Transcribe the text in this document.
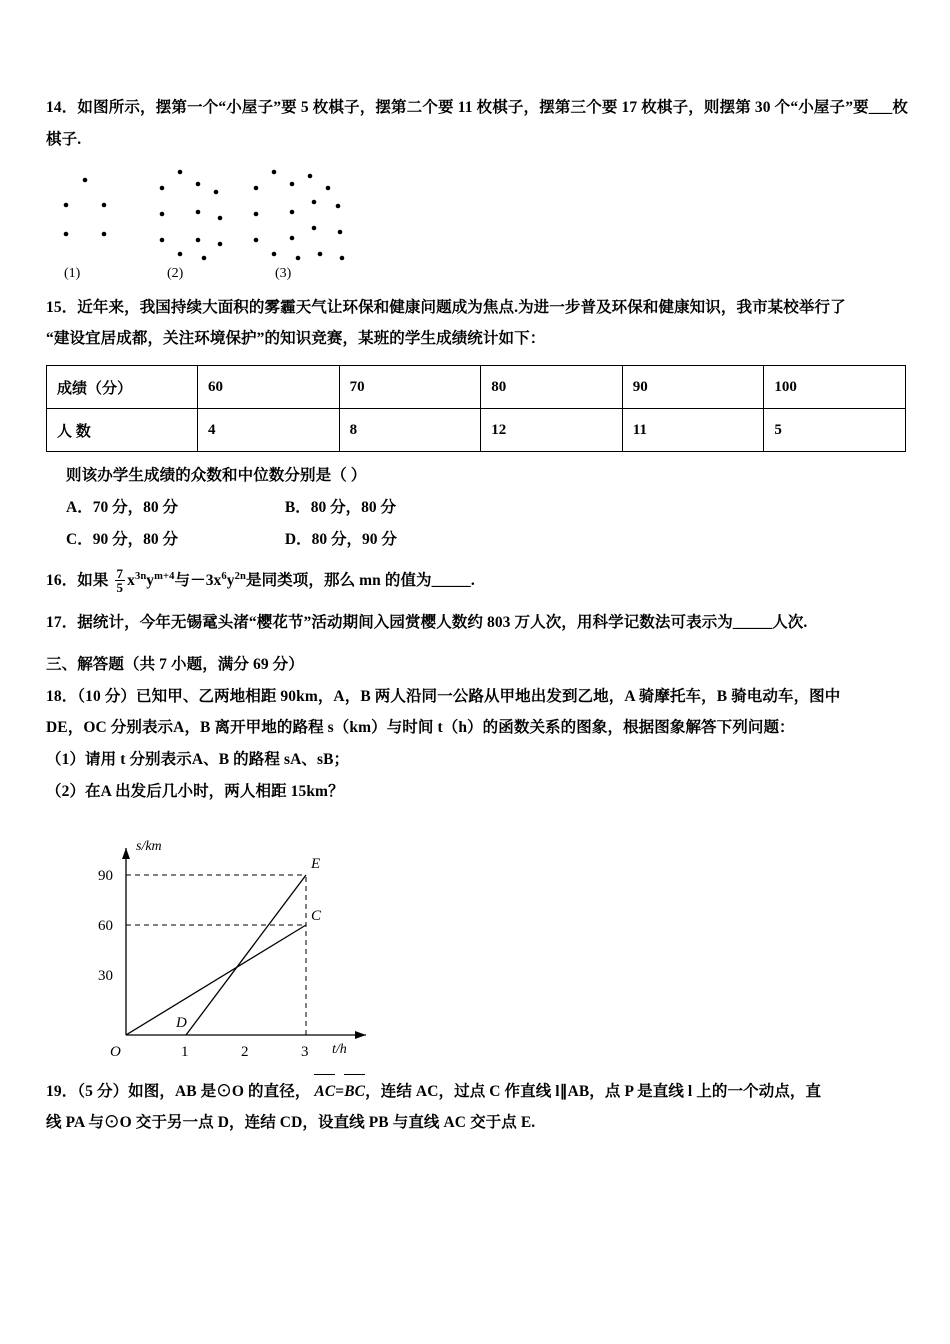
14．如图所示，摆第一个“小屋子”要 5 枚棋子，摆第二个要 11 枚棋子，摆第三个要 17 枚棋子，则摆第 30 个“小屋子”要___枚棋子.
(1)	(2)	(3)
15．近年来，我国持续大面积的雾霾天气让环保和健康问题成为焦点.为进一步普及环保和健康知识，我市某校举行了
“建设宜居成都，关注环境保护”的知识竞赛，某班的学生成绩统计如下：
成绩（分）	60	70	80	90	100
人 数	4	8	12	11	5
则该办学生成绩的众数和中位数分别是（ ）
A．70 分，80 分	B．80 分，80 分
C．90 分，80 分	D．80 分，90 分
16．如果 $\frac{7}{5} x^{3n}y^{m+4}$与$-3x^6y^{2n}$是同类项，那么 mn 的值为_____.
17．据统计，今年无锡鼋头渚“樱花节”活动期间入园赏樱人数约 803 万人次，用科学记数法可表示为_____人次.
三、解答题（共 7 小题，满分 69 分）
18．（10 分）已知甲、乙两地相距 90km，A，B 两人沿同一公路从甲地出发到乙地，A 骑摩托车，B 骑电动车，图中
DE，OC 分别表示A，B 离开甲地的路程 s（km）与时间 t（h）的函数关系的图象，根据图象解答下列问题：
（1）请用 t 分别表示A、B 的路程 sA、sB；
（2）在A 出发后几小时，两人相距 15km？
90
60
30
1	2	3
O
s/km
t/h
E
C
D
19．（5 分）如图，AB 是⊙O 的直径， AC=BC，连结 AC，过点 C 作直线 l∥AB，点 P 是直线 l 上的一个动点，直
线 PA 与⊙O 交于另一点 D，连结 CD，设直线 PB 与直线 AC 交于点 E.
